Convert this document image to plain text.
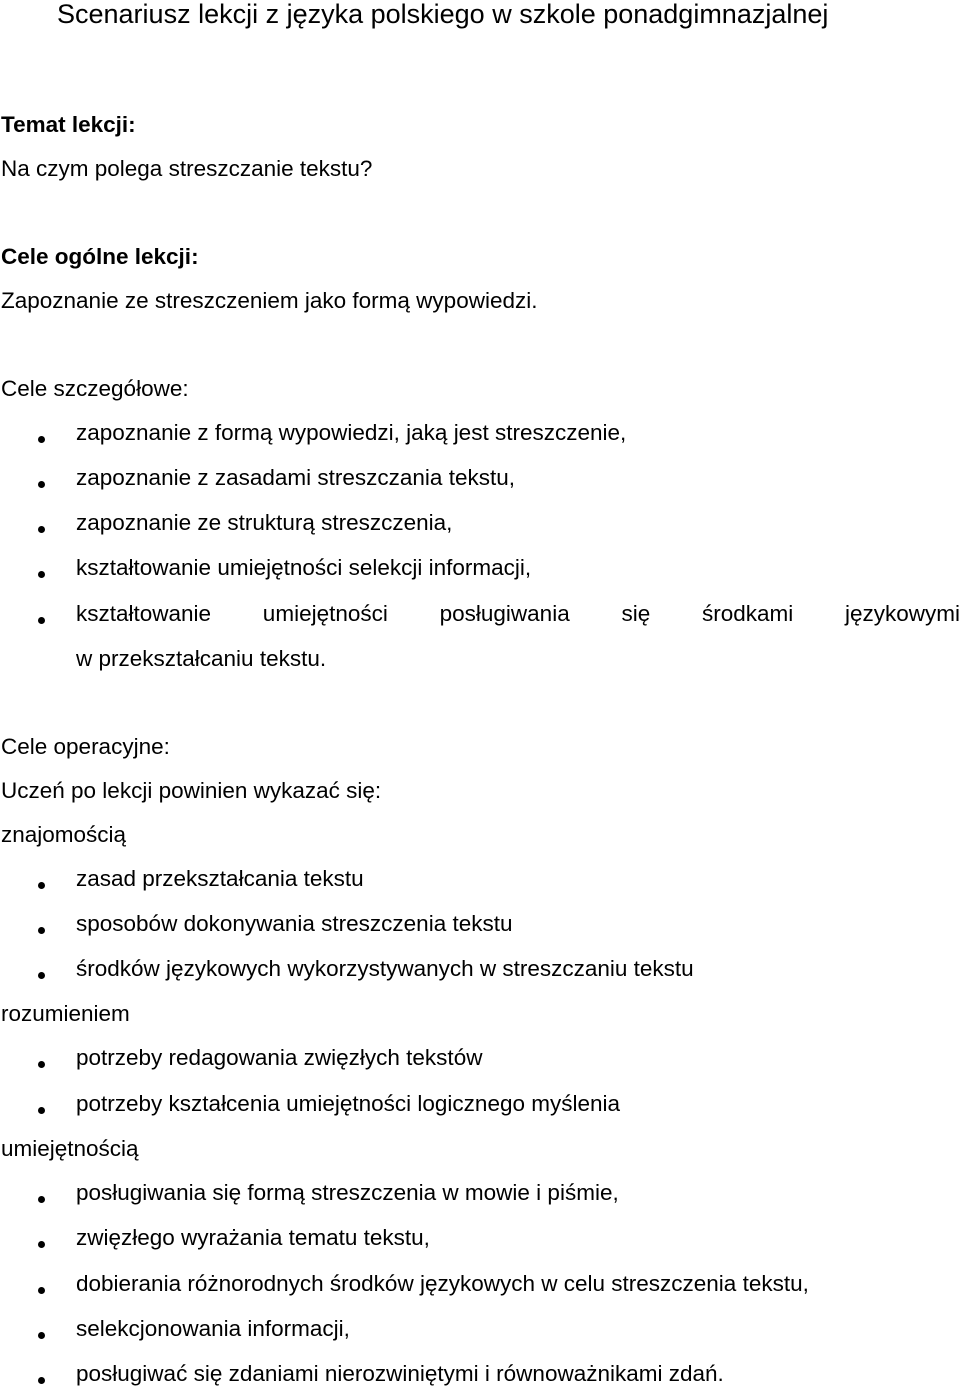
Scenariusz lekcji z języka polskiego w szkole ponadgimnazjalnej
Temat lekcji:
Na czym polega streszczanie tekstu?
Cele ogólne lekcji:
Zapoznanie ze streszczeniem jako formą wypowiedzi.
Cele szczegółowe:
zapoznanie z formą wypowiedzi, jaką jest streszczenie,
zapoznanie z zasadami streszczania tekstu,
zapoznanie ze strukturą streszczenia,
kształtowanie umiejętności selekcji informacji,
kształtowanie umiejętności posługiwania się środkami językowymi
w przekształcaniu tekstu.
Cele operacyjne:
Uczeń po lekcji powinien wykazać się:
znajomością
zasad przekształcania tekstu
sposobów dokonywania streszczenia tekstu
środków językowych wykorzystywanych w streszczaniu tekstu
rozumieniem
potrzeby redagowania zwięzłych tekstów
potrzeby kształcenia umiejętności logicznego myślenia
umiejętnością
posługiwania się formą streszczenia w mowie i piśmie,
zwięzłego wyrażania tematu tekstu,
dobierania różnorodnych środków językowych w celu streszczenia tekstu,
selekcjonowania informacji,
posługiwać się zdaniami nierozwiniętymi i równoważnikami zdań.
